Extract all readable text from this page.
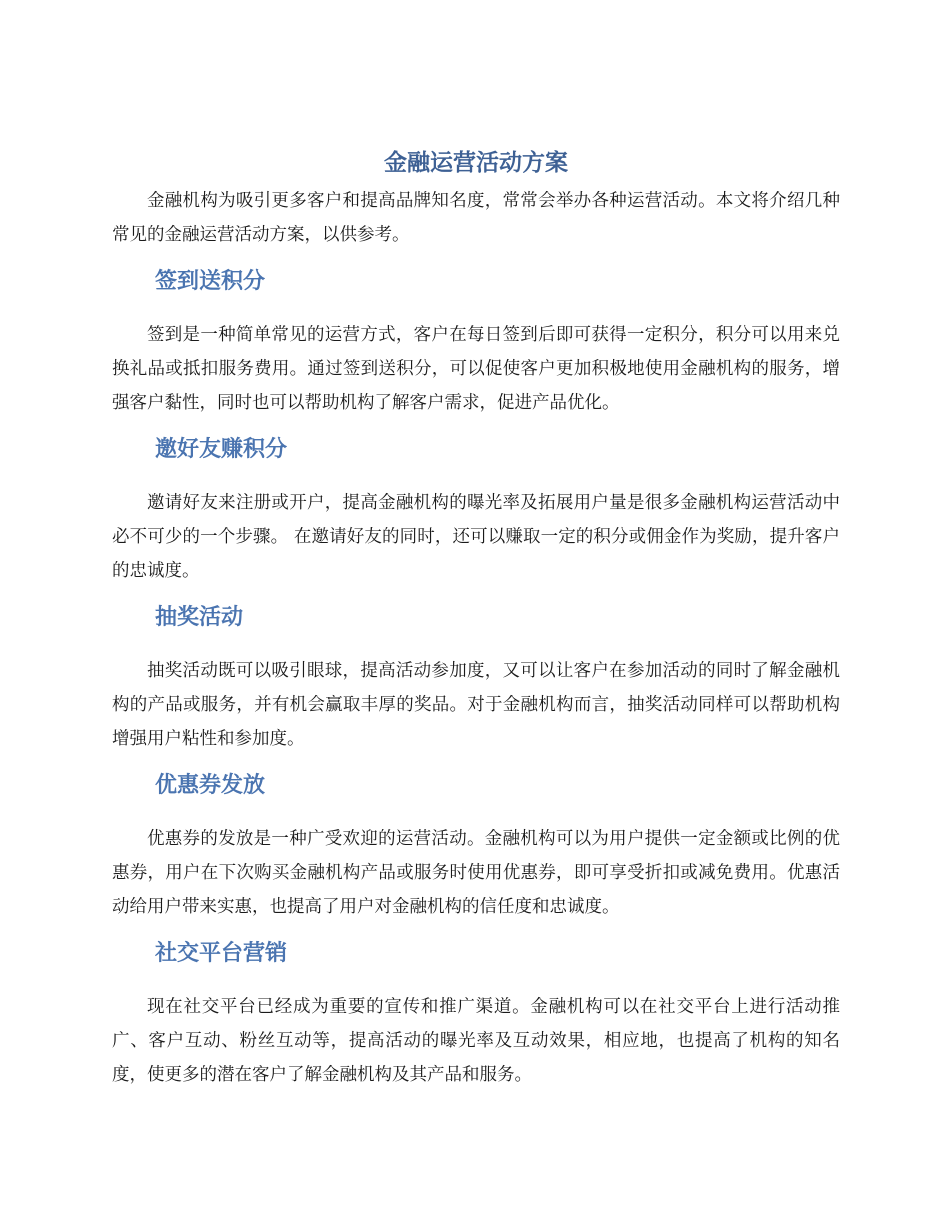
金融运营活动方案

金融机构为吸引更多客户和提高品牌知名度，常常会举办各种运营活动。本文将介绍几种常见的金融运营活动方案，以供参考。

签到送积分

签到是一种简单常见的运营方式，客户在每日签到后即可获得一定积分，积分可以用来兑换礼品或抵扣服务费用。通过签到送积分，可以促使客户更加积极地使用金融机构的服务，增强客户黏性，同时也可以帮助机构了解客户需求，促进产品优化。

邀好友赚积分

邀请好友来注册或开户，提高金融机构的曝光率及拓展用户量是很多金融机构运营活动中必不可少的一个步骤。 在邀请好友的同时，还可以赚取一定的积分或佣金作为奖励，提升客户的忠诚度。

抽奖活动

抽奖活动既可以吸引眼球，提高活动参加度，又可以让客户在参加活动的同时了解金融机构的产品或服务，并有机会赢取丰厚的奖品。对于金融机构而言，抽奖活动同样可以帮助机构增强用户粘性和参加度。

优惠券发放

优惠券的发放是一种广受欢迎的运营活动。金融机构可以为用户提供一定金额或比例的优惠券，用户在下次购买金融机构产品或服务时使用优惠券，即可享受折扣或减免费用。优惠活动给用户带来实惠，也提高了用户对金融机构的信任度和忠诚度。

社交平台营销

现在社交平台已经成为重要的宣传和推广渠道。金融机构可以在社交平台上进行活动推广、客户互动、粉丝互动等，提高活动的曝光率及互动效果，相应地，也提高了机构的知名度，使更多的潜在客户了解金融机构及其产品和服务。
